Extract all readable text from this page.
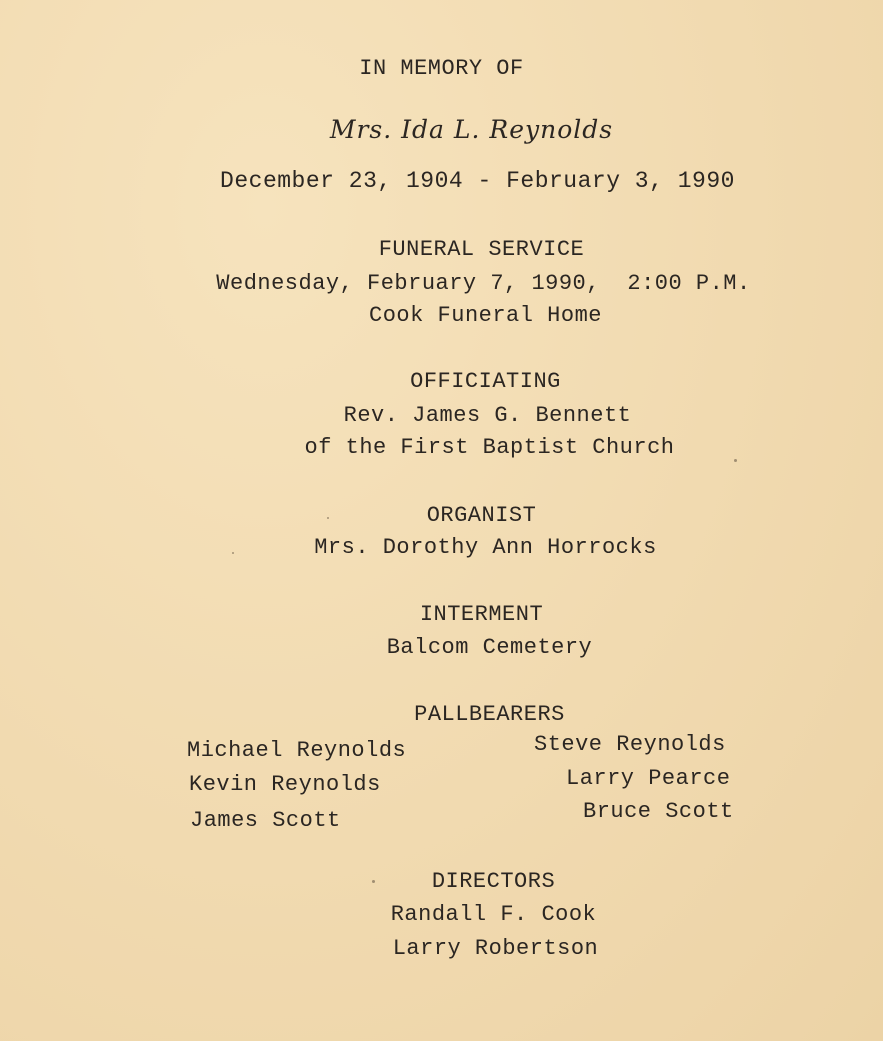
IN MEMORY OF
Mrs. Ida L. Reynolds
December 23, 1904 - February 3, 1990
FUNERAL SERVICE
Wednesday, February 7, 1990,  2:00 P.M.
Cook Funeral Home
OFFICIATING
Rev. James G. Bennett
of the First Baptist Church
ORGANIST
Mrs. Dorothy Ann Horrocks
INTERMENT
Balcom Cemetery
PALLBEARERS
Michael Reynolds
Kevin Reynolds
James Scott
Steve Reynolds
Larry Pearce
Bruce Scott
DIRECTORS
Randall F. Cook
Larry Robertson
